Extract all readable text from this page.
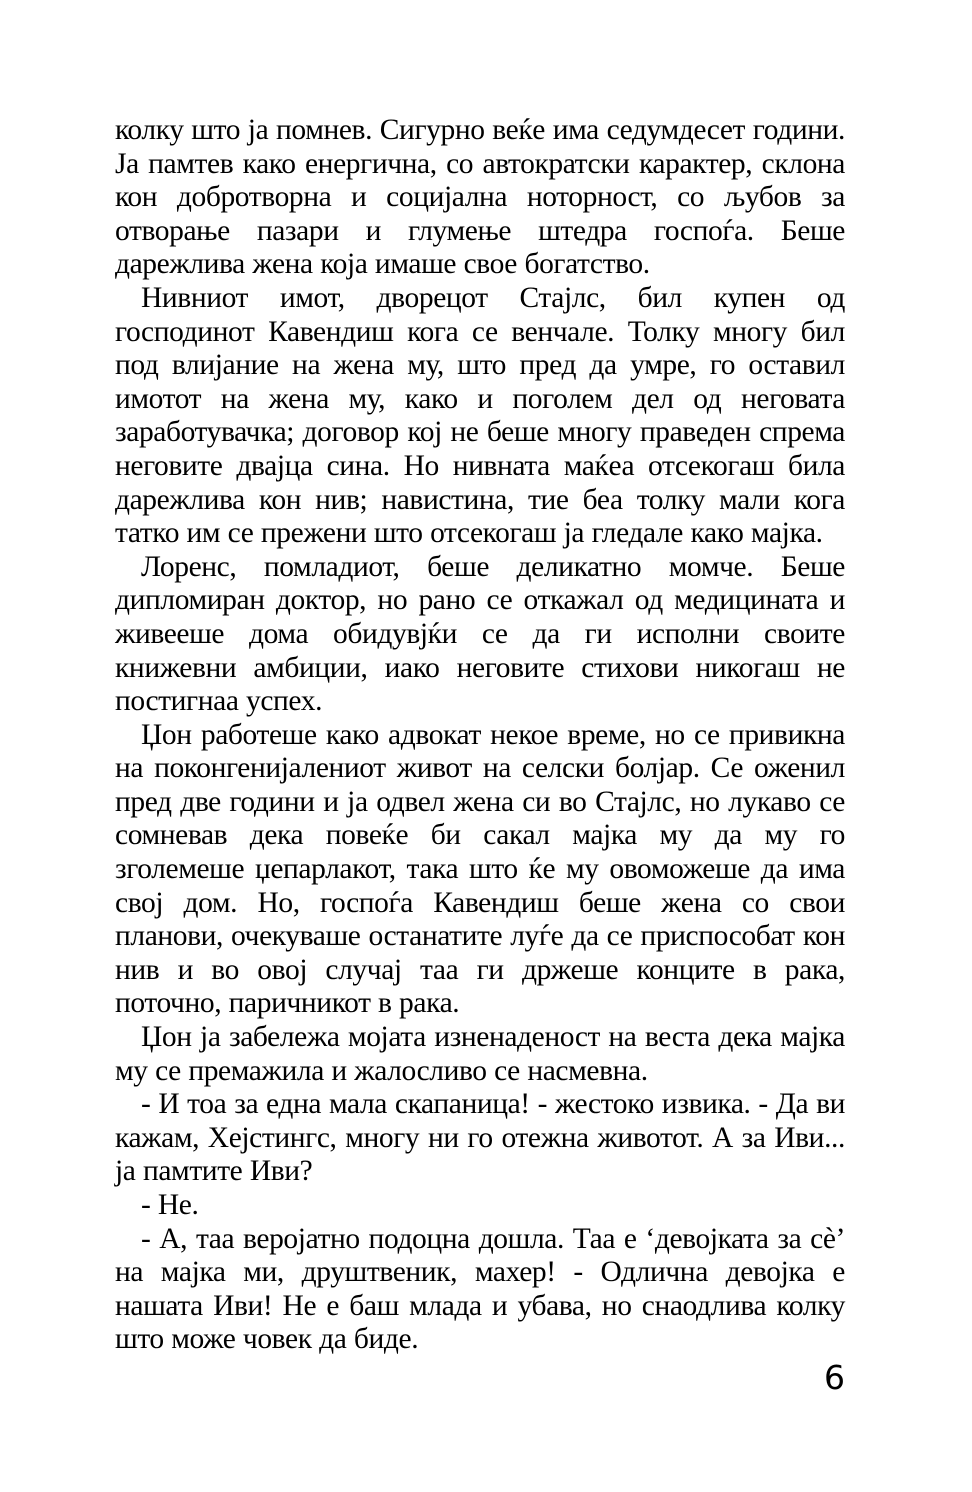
колку што ја помнев. Сигурно веќе има седумдесет години. Ја памтев како енергична, со автократски карактер, склона кон добротворна и социјална ноторност, со љубов за отворање пазари и глумење штедра госпоѓа. Беше дарежлива жена која имаше свое богатство.

Нивниот имот, дворецот Стајлс, бил купен од господинот Кавендиш кога се венчале. Толку многу бил под влијание на жена му, што пред да умре, го оставил имотот на жена му, како и поголем дел од неговата заработувачка; договор кој не беше многу праведен спрема неговите двајца сина. Но нивната маќеа отсекогаш била дарежлива кон нив; навистина, тие беа толку мали кога татко им се прежени што отсекогаш ја гледале како мајка.

Лоренс, помладиот, беше деликатно момче. Беше дипломиран доктор, но рано се откажал од медицината и живееше дома обидувјќи се да ги исполни своите книжевни амбиции, иако неговите стихови никогаш не постигнаа успех.

Џон работеше како адвокат некое време, но се привикна на поконгенијалениот живот на селски болјар. Се оженил пред две години и ја одвел жена си во Стајлс, но лукаво се сомневав дека повеќе би сакал мајка му да му го зголемеше џепарлакот, така што ќе му овоможеше да има свој дом. Но, госпоѓа Кавендиш беше жена со свои планови, очекуваше останатите луѓе да се приспособат кон нив и во овој случај таа ги држеше конците в рака, поточно, паричникот в рака.

Џон ја забележа мојата изненаденост на веста дека мајка му се премажила и жалосливо се насмевна.

- И тоа за една мала скапаница! - жестоко извика. - Да ви кажам, Хејстингс, многу ни го отежна животот. А за Иви... ја памтите Иви?

- Не.

- А, таа веројатно подоцна дошла. Таа е ‘девојката за сè’ на мајка ми, друштвеник, махер! - Одлична девојка е нашата Иви! Не е баш млада и убава, но снаодлива колку што може човек да биде.

6
